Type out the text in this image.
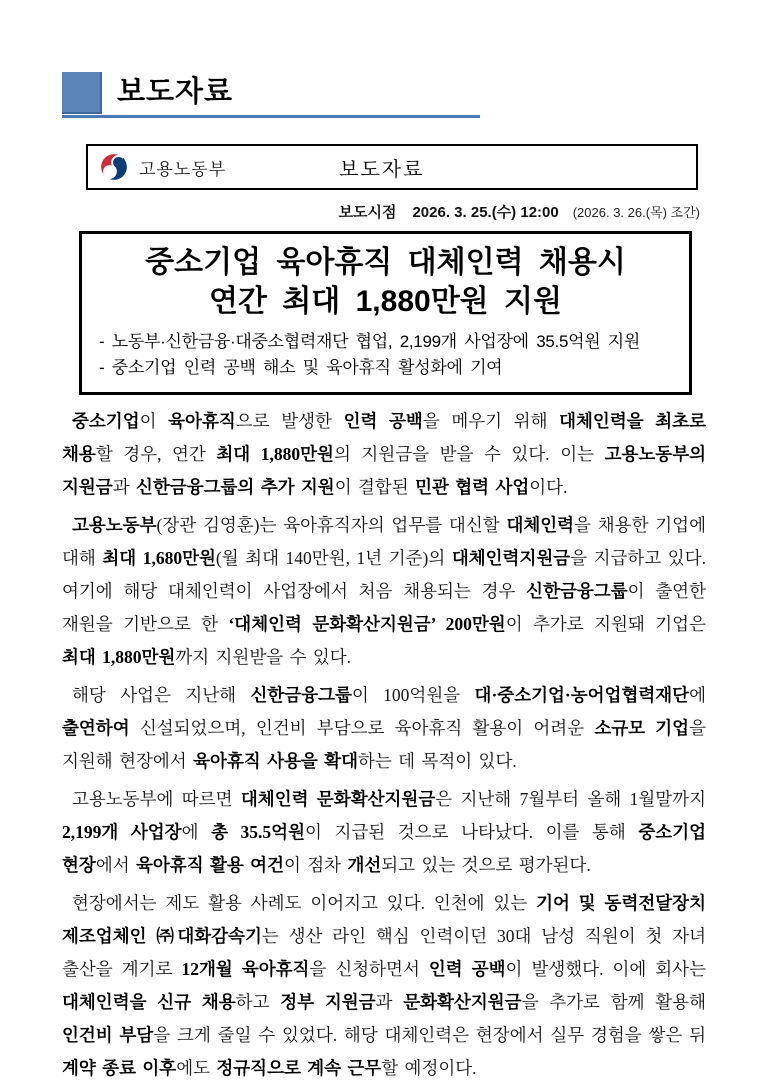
보도자료
고용노동부	보도자료
보도시점 2026. 3. 25.(수) 12:00 (2026. 3. 26.(목) 조간)
중소기업 육아휴직 대체인력 채용시
연간 최대 1,880만원 지원
- 노동부·신한금융·대중소협력재단 협업, 2,199개 사업장에 35.5억원 지원
- 중소기업 인력 공백 해소 및 육아휴직 활성화에 기여

중소기업이 육아휴직으로 발생한 인력 공백을 메우기 위해 대체인력을 최초로 채용할 경우, 연간 최대 1,880만원의 지원금을 받을 수 있다. 이는 고용노동부의 지원금과 신한금융그룹의 추가 지원이 결합된 민관 협력 사업이다.

고용노동부(장관 김영훈)는 육아휴직자의 업무를 대신할 대체인력을 채용한 기업에 대해 최대 1,680만원(월 최대 140만원, 1년 기준)의 대체인력지원금을 지급하고 있다. 여기에 해당 대체인력이 사업장에서 처음 채용되는 경우 신한금융그룹이 출연한 재원을 기반으로 한 ‘대체인력 문화확산지원금’ 200만원이 추가로 지원돼 기업은 최대 1,880만원까지 지원받을 수 있다.

해당 사업은 지난해 신한금융그룹이 100억원을 대·중소기업·농어업협력재단에 출연하여 신설되었으며, 인건비 부담으로 육아휴직 활용이 어려운 소규모 기업을 지원해 현장에서 육아휴직 사용을 확대하는 데 목적이 있다.

고용노동부에 따르면 대체인력 문화확산지원금은 지난해 7월부터 올해 1월말까지 2,199개 사업장에 총 35.5억원이 지급된 것으로 나타났다. 이를 통해 중소기업 현장에서 육아휴직 활용 여건이 점차 개선되고 있는 것으로 평가된다.

현장에서는 제도 활용 사례도 이어지고 있다. 인천에 있는 기어 및 동력전달장치 제조업체인 ㈜대화감속기는 생산 라인 핵심 인력이던 30대 남성 직원이 첫 자녀 출산을 계기로 12개월 육아휴직을 신청하면서 인력 공백이 발생했다. 이에 회사는 대체인력을 신규 채용하고 정부 지원금과 문화확산지원금을 추가로 함께 활용해 인건비 부담을 크게 줄일 수 있었다. 해당 대체인력은 현장에서 실무 경험을 쌓은 뒤 계약 종료 이후에도 정규직으로 계속 근무할 예정이다.
